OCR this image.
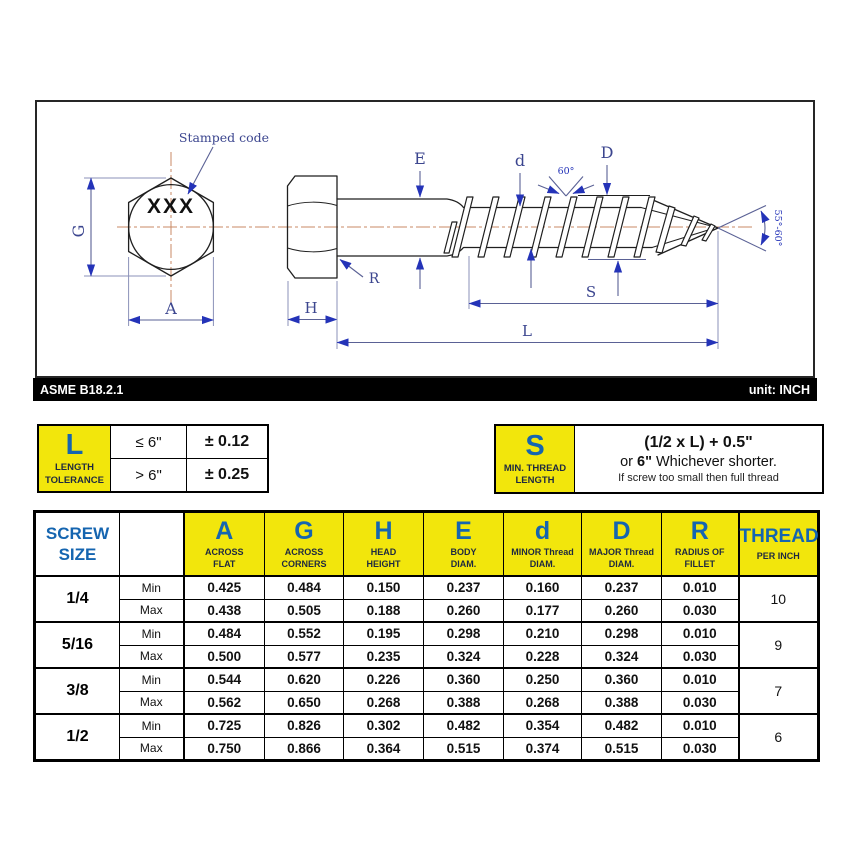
XXX
G
A
Stamped code
H
E	d	D
60°
55°-60°
R
S
L
ASME B18.2.1	unit: INCH
L
LENGTH
TOLERANCE	≤ 6"	± 0.12
	> 6"	± 0.25
S
MIN. THREAD
LENGTH

(1/2 x L) + 0.5"
or 6" Whichever shorter.
If screw too small then full thread
SCREW
SIZE

A
ACROSS
FLAT

G
ACROSS
CORNERS

H
HEAD
HEIGHT

E
BODY
DIAM.

d
MINOR Thread
DIAM.

D
MAJOR Thread
DIAM.

R
RADIUS OF
FILLET

THREAD
PER INCH

1/4	Min	0.425	0.484	0.150	0.237	0.160	0.237	0.010	10
	Max	0.438	0.505	0.188	0.260	0.177	0.260	0.030	
5/16	Min	0.484	0.552	0.195	0.298	0.210	0.298	0.010	9
	Max	0.500	0.577	0.235	0.324	0.228	0.324	0.030	
3/8	Min	0.544	0.620	0.226	0.360	0.250	0.360	0.010	7
	Max	0.562	0.650	0.268	0.388	0.268	0.388	0.030	
1/2	Min	0.725	0.826	0.302	0.482	0.354	0.482	0.010	6
	Max	0.750	0.866	0.364	0.515	0.374	0.515	0.030	
